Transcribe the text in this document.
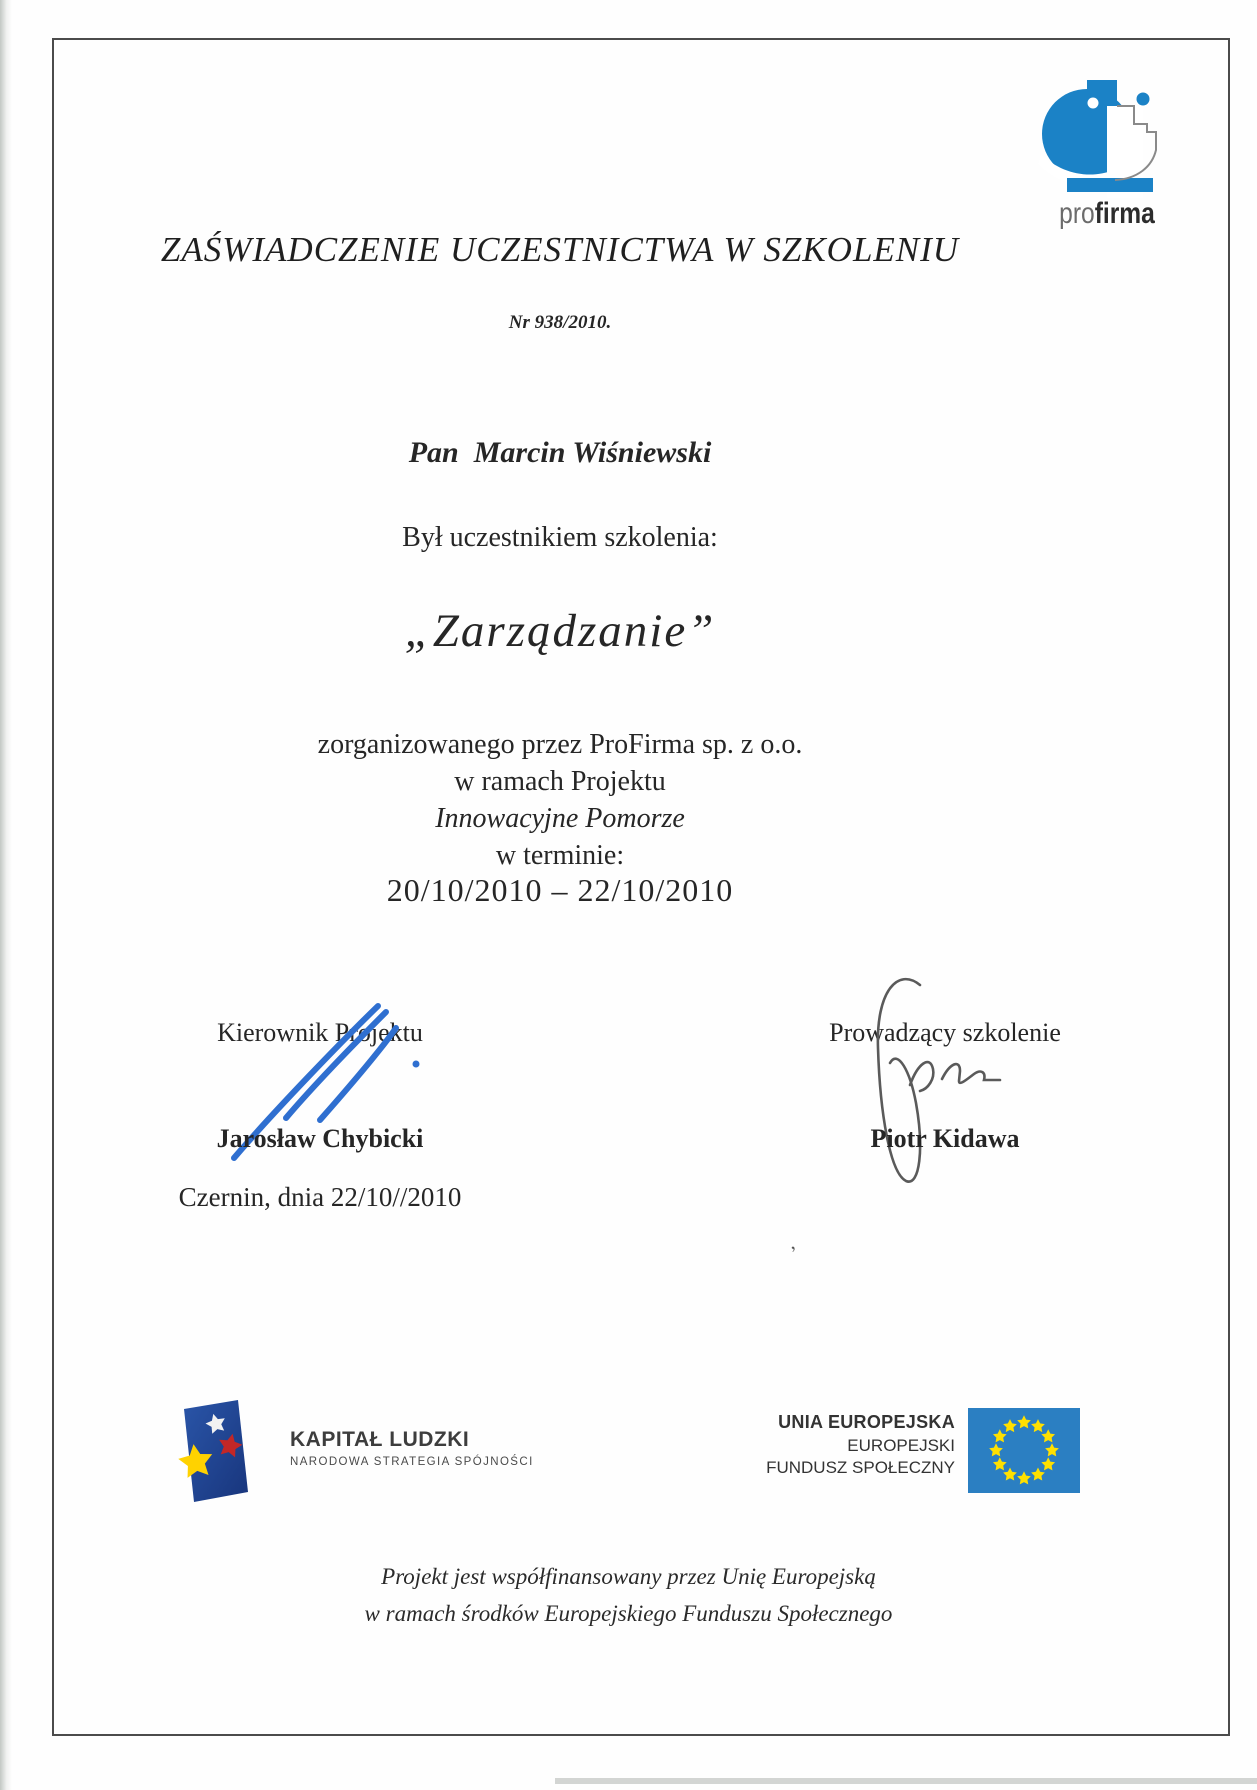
profirma
ZAŚWIADCZENIE UCZESTNICTWA W SZKOLENIU
Nr 938/2010.
Pan  Marcin Wiśniewski
Był uczestnikiem szkolenia:
„Zarządzanie”
zorganizowanego przez ProFirma sp. z o.o.
w ramach Projektu
Innowacyjne Pomorze
w terminie:
20/10/2010 – 22/10/2010
Kierownik Projektu
Jarosław Chybicki
Czernin, dnia 22/10//2010
Prowadzący szkolenie
Piotr Kidawa
‚
KAPITAŁ LUDZKI
NARODOWA STRATEGIA SPÓJNOŚCI
UNIA EUROPEJSKA
EUROPEJSKI
FUNDUSZ SPOŁECZNY
Projekt jest współfinansowany przez Unię Europejską
w ramach środków Europejskiego Funduszu Społecznego
